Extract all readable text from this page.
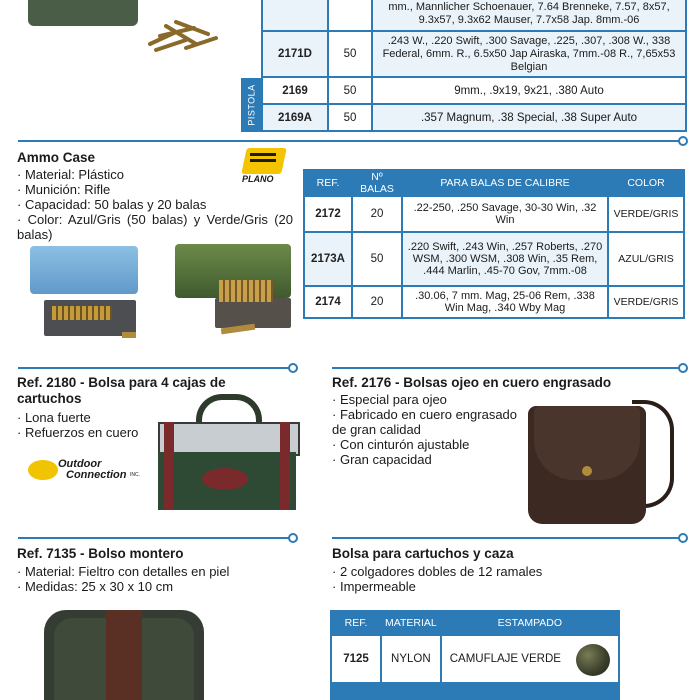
		mm., Mannlicher Schoenauer, 7.64 Brenneke, 7.57, 8x57, 9.3x57, 9.3x62 Mauser, 7.7x58 Jap. 8mm.-06
2171D	50	.243 W., .220 Swift, .300 Savage, .225, .307, .308 W., 338 Federal, 6mm. R., 6.5x50 Jap Airaska, 7mm.-08 R., 7,65x53 Belgian
PISTOLA 2169	50	9mm., .9x19, 9x21, .380 Auto
2169A	50	.357 Magnum, .38 Special, .38 Super Auto
Ammo Case
· Material: Plástico
· Munición: Rifle
· Capacidad: 50 balas y 20 balas
· Color: Azul/Gris (50 balas) y Verde/Gris (20 balas)
PLANO	REF.	Nº BALAS	PARA BALAS DE CALIBRE	COLOR
2172	20	.22-250, .250 Savage, 30-30 Win, .32 Win	VERDE/GRIS
2173A	50	.220 Swift, .243 Win, .257 Roberts, .270 WSM, .300 WSM, .308 Win, .35 Rem, .444 Marlin, .45-70 Gov, 7mm.-08	AZUL/GRIS
2174	20	.30.06, 7 mm. Mag, 25-06 Rem, .338 Win Mag, .340 Wby Mag	VERDE/GRIS
Ref. 2180 - Bolsa para 4 cajas de cartuchos
· Lona fuerte
· Refuerzos en cuero
Outdoor
Connection INC.
Ref. 2176 - Bolsas ojeo en cuero engrasado
· Especial para ojeo
· Fabricado en cuero engrasado de gran calidad
· Con cinturón ajustable
· Gran capacidad
Ref. 7135 - Bolso montero
· Material: Fieltro con detalles en piel
· Medidas: 25 x 30 x 10 cm
Bolsa para cartuchos y caza
· 2 colgadores dobles de 12 ramales
· Impermeable
REF.	MATERIAL	ESTAMPADO
7125	NYLON	CAMUFLAJE VERDE
